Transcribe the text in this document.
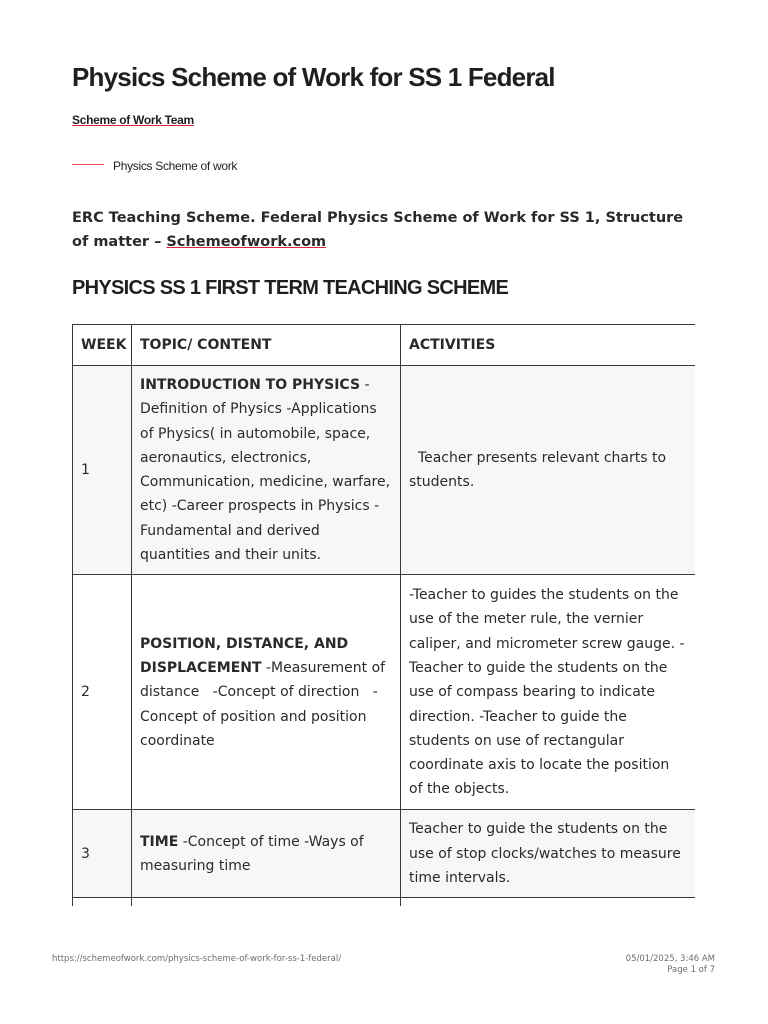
Physics Scheme of Work for SS 1 Federal
Scheme of Work Team
Physics Scheme of work

ERC Teaching Scheme. Federal Physics Scheme of Work for SS 1, Structure of matter – Schemeofwork.com

PHYSICS SS 1 FIRST TERM TEACHING SCHEME
WEEK	TOPIC/ CONTENT	ACTIVITIES
1	INTRODUCTION TO PHYSICS - Definition of Physics -Applications of Physics( in automobile, space, aeronautics, electronics, Communication, medicine, warfare, etc) -Career prospects in Physics -Fundamental and derived quantities and their units.	Teacher presents relevant charts to students.
2	POSITION, DISTANCE, AND DISPLACEMENT -Measurement of distance   -Concept of direction   -Concept of position and position coordinate	-Teacher to guides the students on the use of the meter rule, the vernier caliper, and micrometer screw gauge. -Teacher to guide the students on the use of compass bearing to indicate direction. -Teacher to guide the students on use of rectangular coordinate axis to locate the position of the objects.
3	TIME -Concept of time -Ways of measuring time	Teacher to guide the students on the use of stop clocks/watches to measure time intervals.

https://schemeofwork.com/physics-scheme-of-work-for-ss-1-federal/	05/01/2025, 3:46 AM
Page 1 of 7
